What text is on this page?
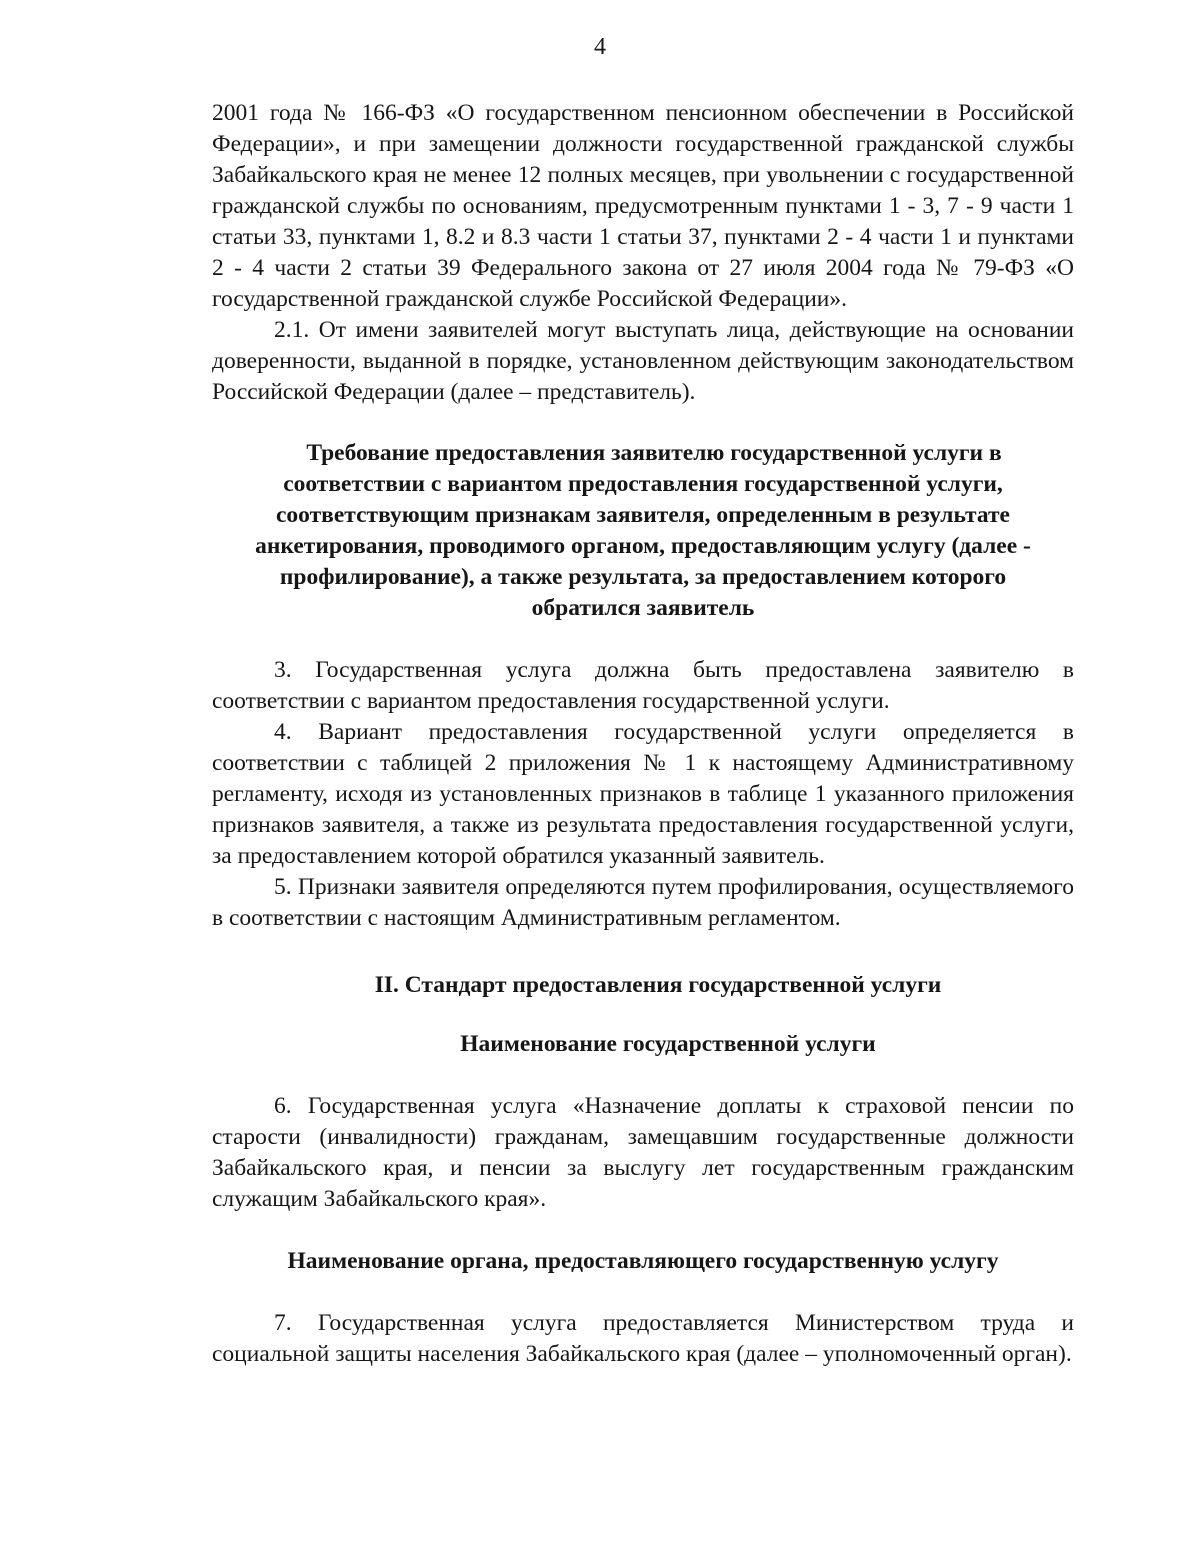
4

2001 года № 166-ФЗ «О государственном пенсионном обеспечении в Российской Федерации», и при замещении должности государственной гражданской службы Забайкальского края не менее 12 полных месяцев, при увольнении с государственной гражданской службы по основаниям, предусмотренным пунктами 1 - 3, 7 - 9 части 1 статьи 33, пунктами 1, 8.2 и 8.3 части 1 статьи 37, пунктами 2 - 4 части 1 и пунктами 2 - 4 части 2 статьи 39 Федерального закона от 27 июля 2004 года № 79-ФЗ «О государственной гражданской службе Российской Федерации».

2.1. От имени заявителей могут выступать лица, действующие на основании доверенности, выданной в порядке, установленном действующим законодательством Российской Федерации (далее – представитель).

Требование предоставления заявителю государственной услуги в
соответствии с вариантом предоставления государственной услуги,
соответствующим признакам заявителя, определенным в результате
анкетирования, проводимого органом, предоставляющим услугу (далее -
профилирование), а также результата, за предоставлением которого
обратился заявитель

3. Государственная услуга должна быть предоставлена заявителю в соответствии с вариантом предоставления государственной услуги.

4. Вариант предоставления государственной услуги определяется в соответствии с таблицей 2 приложения № 1 к настоящему Административному регламенту, исходя из установленных признаков в таблице 1 указанного приложения признаков заявителя, а также из результата предоставления государственной услуги, за предоставлением которой обратился указанный заявитель.

5. Признаки заявителя определяются путем профилирования, осуществляемого в соответствии с настоящим Административным регламентом.

II. Стандарт предоставления государственной услуги
Наименование государственной услуги

6. Государственная услуга «Назначение доплаты к страховой пенсии по старости (инвалидности) гражданам, замещавшим государственные должности Забайкальского края, и пенсии за выслугу лет государственным гражданским служащим Забайкальского края».

Наименование органа, предоставляющего государственную услугу

7. Государственная услуга предоставляется Министерством труда и социальной защиты населения Забайкальского края (далее – уполномоченный орган).
